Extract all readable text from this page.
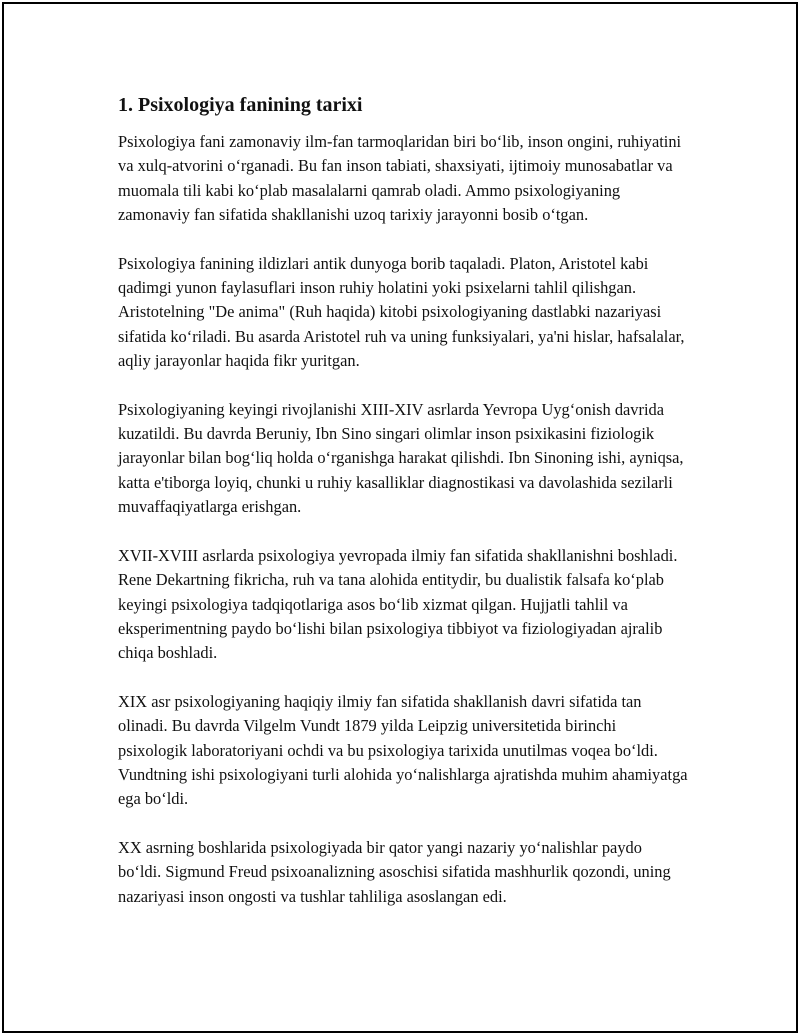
1. Psixologiya fanining tarixi

Psixologiya fani zamonaviy ilm-fan tarmoqlaridan biri bo‘lib, inson ongini, ruhiyatini va xulq-atvorini o‘rganadi. Bu fan inson tabiati, shaxsiyati, ijtimoiy munosabatlar va muomala tili kabi ko‘plab masalalarni qamrab oladi. Ammo psixologiyaning zamonaviy fan sifatida shakllanishi uzoq tarixiy jarayonni bosib o‘tgan.

Psixologiya fanining ildizlari antik dunyoga borib taqaladi. Platon, Aristotel kabi qadimgi yunon faylasuflari inson ruhiy holatini yoki psixelarni tahlil qilishgan. Aristotelning "De anima" (Ruh haqida) kitobi psixologiyaning dastlabki nazariyasi sifatida ko‘riladi. Bu asarda Aristotel ruh va uning funksiyalari, ya'ni hislar, hafsalalar, aqliy jarayonlar haqida fikr yuritgan.

Psixologiyaning keyingi rivojlanishi XIII-XIV asrlarda Yevropa Uyg‘onish davrida kuzatildi. Bu davrda Beruniy, Ibn Sino singari olimlar inson psixikasini fiziologik jarayonlar bilan bog‘liq holda o‘rganishga harakat qilishdi. Ibn Sinoning ishi, ayniqsa, katta e'tiborga loyiq, chunki u ruhiy kasalliklar diagnostikasi va davolashida sezilarli muvaffaqiyatlarga erishgan.

XVII-XVIII asrlarda psixologiya yevropada ilmiy fan sifatida shakllanishni boshladi. Rene Dekartning fikricha, ruh va tana alohida entitydir, bu dualistik falsafa ko‘plab keyingi psixologiya tadqiqotlariga asos bo‘lib xizmat qilgan. Hujjatli tahlil va eksperimentning paydo bo‘lishi bilan psixologiya tibbiyot va fiziologiyadan ajralib chiqa boshladi.

XIX asr psixologiyaning haqiqiy ilmiy fan sifatida shakllanish davri sifatida tan olinadi. Bu davrda Vilgelm Vundt 1879 yilda Leipzig universitetida birinchi psixologik laboratoriyani ochdi va bu psixologiya tarixida unutilmas voqea bo‘ldi. Vundtning ishi psixologiyani turli alohida yo‘nalishlarga ajratishda muhim ahamiyatga ega bo‘ldi.

XX asrning boshlarida psixologiyada bir qator yangi nazariy yo‘nalishlar paydo bo‘ldi. Sigmund Freud psixoanalizning asoschisi sifatida mashhurlik qozondi, uning nazariyasi inson ongosti va tushlar tahliliga asoslangan edi.
